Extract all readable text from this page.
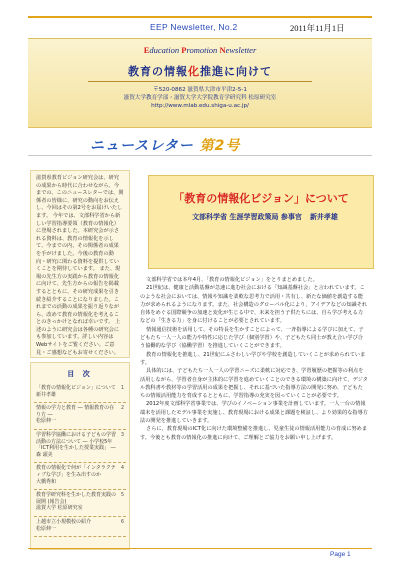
EEP Newsletter, No.2	2011年11月1日
Education Promotion Newsletter
教育の情報化推進に向けて
〒520-0862 滋賀県大津市平津2-5-1
滋賀大学教育学部・滋賀大学大学院教育学研究科 松原研究室
http://www.mlab.edu.shiga-u.ac.jp/
ニュースレター 第2号
滋賀県教育ビジョン研究会は、研究の成果から時代に合わせながら、今までの、このニュースレターでは、関係者の皆様に、研究の動向をお伝えし、今回はその第2号をお届けいたします。 今年では、文部科学省から新しい学習指導要領（教育の情報化）に登場されました。本研究会が示される資料は、教育の情報化を示して、今までの内、その関係者の成果を手がけました。今後の教育の動向・研究に関わる資料を提供していくことを期待しています。 また、現場の先生方の実践から教育の情報化に向けて、先生方からの報告を掲載するとともに、その研究成果を引き続き紹介することになりました。これまでの活動の成果を振り返りながら、改めて教育の情報化を考えることのきっかけとなれば幸いです。 上述のように研究会は各種の研究会にも参加しています。詳しい内容はWebサイトをご覧ください。ご意見・ご感想などもお寄せください。
「教育の情報化ビジョン」について
文部科学省 生涯学習政策局 参事官 新井孝雄

文部科学省では本年4月、「教育の情報化ビジョン」をとりまとめました。

21世紀は、健康と活動基盤が急速に進む社会における「知識基盤社会」と言われています。このような社会においては、情報や知識を柔軟な思考力で活用・共有し、新たな価値を創造する能力が求められるようになります。また、社会構造のグローバル化により、アイデアなどの知識それ自体をめぐる国際競争の加速と変化が生じる中で、未来を担う子供たちには、自ら学び考える力などの「生きる力」を身に付けることが必要とされています。

情報通信技術を活用して、その特長を生かすことによって、一斉指導による学びに加えて、子どもたち一人一人の能力や特性に応じた学び（個別学習）や、子どもたち同士が教え合い学び合う協働的な学び（協働学習）を推進していくことができます。

教育の情報化を推進し、21世紀にふさわしい学びや学校を創造していくことが求められています。

具体的には、子どもたち一人一人の学習ニーズに柔軟に対応でき、学習履歴の把握等の利点を活用しながら、学習者自身が主体的に学習を進めていくことのできる環境の構築に向けて、デジタル教科書や教材等の学習活用の成果を把握し、それに基づいた指導方法の開発に努め、子どもたちの情報活用能力を育成するとともに、学習指導の充実を図っていくことが必要です。

2012年度文部科学省事業では、学びのイノベーション事業を計画しています。一人一台の情報端末を活用したモデル事業を実施し、教育現場における成果と課題を検証し、より効果的な指導方法の開発を推進していきます。

さらに、教育現場のICT化に向けた環境整備を推進し、児童生徒の情報活用能力の育成に努めます。今後とも教育の情報化の推進に向けて、ご理解とご協力をお願い申し上げます。

目 次
「教育の情報化ビジョン」について
新井孝雄
1
情報の学力と教育 ― 情報教育の在り方 ―
松原伸一
2
学習科学協働における子どもの学習活動の方法について ― 小学校5年 「ICT利用を生かした授業実践」 ―
森 頭美
3
教育の情報化で何が「インタラクティブな学び」を生み出すのか
大橋秀和
4
教育学研究科を生かした教育実践の展開 (報告会)
滋賀大学 松原研究室
5
上越市立小規模校の紹介
松原伸一
6
Page 1
